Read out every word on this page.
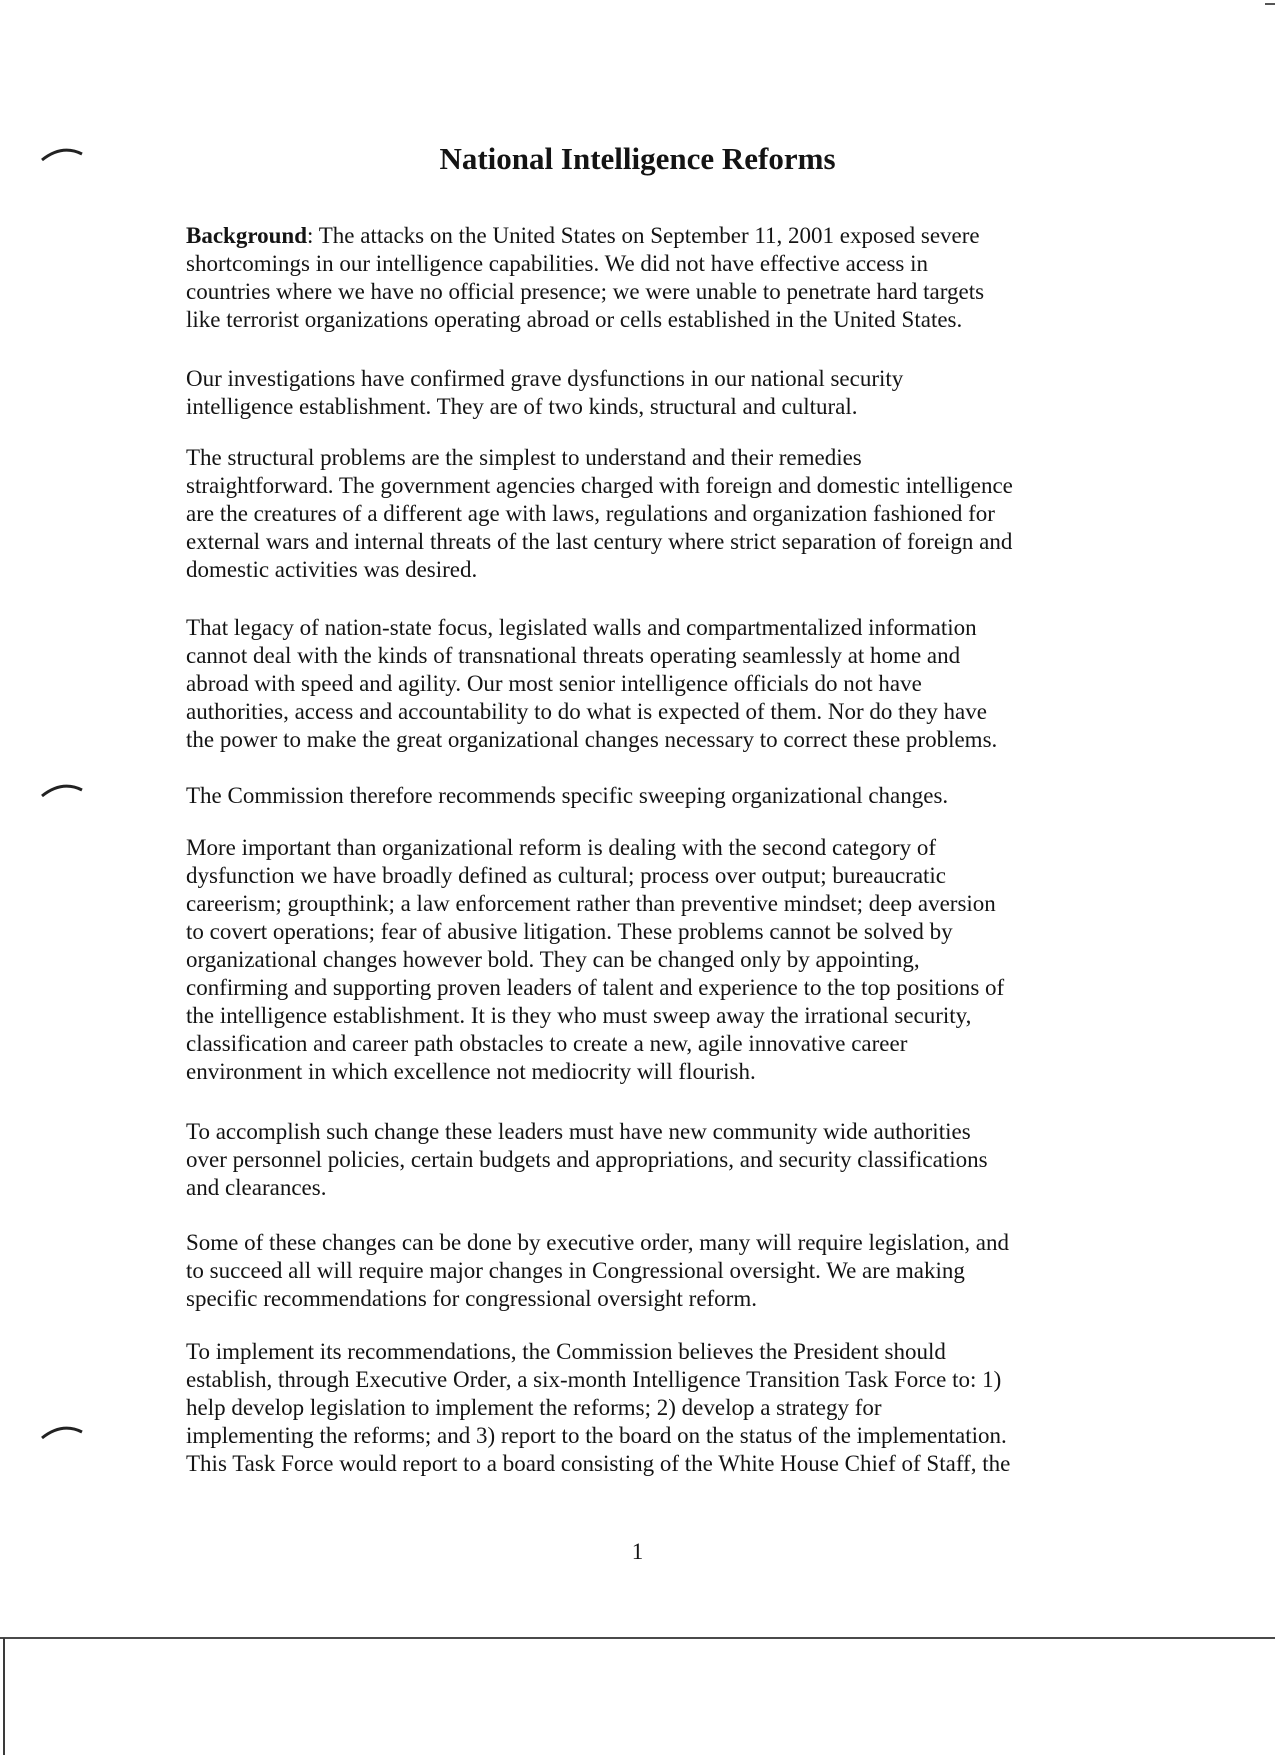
National Intelligence Reforms

Background: The attacks on the United States on September 11, 2001 exposed severe
shortcomings in our intelligence capabilities. We did not have effective access in
countries where we have no official presence; we were unable to penetrate hard targets
like terrorist organizations operating abroad or cells established in the United States.

Our investigations have confirmed grave dysfunctions in our national security
intelligence establishment. They are of two kinds, structural and cultural.

The structural problems are the simplest to understand and their remedies
straightforward. The government agencies charged with foreign and domestic intelligence
are the creatures of a different age with laws, regulations and organization fashioned for
external wars and internal threats of the last century where strict separation of foreign and
domestic activities was desired.

That legacy of nation-state focus, legislated walls and compartmentalized information
cannot deal with the kinds of transnational threats operating seamlessly at home and
abroad with speed and agility. Our most senior intelligence officials do not have
authorities, access and accountability to do what is expected of them. Nor do they have
the power to make the great organizational changes necessary to correct these problems.

The Commission therefore recommends specific sweeping organizational changes.

More important than organizational reform is dealing with the second category of
dysfunction we have broadly defined as cultural; process over output; bureaucratic
careerism; groupthink; a law enforcement rather than preventive mindset; deep aversion
to covert operations; fear of abusive litigation. These problems cannot be solved by
organizational changes however bold. They can be changed only by appointing,
confirming and supporting proven leaders of talent and experience to the top positions of
the intelligence establishment. It is they who must sweep away the irrational security,
classification and career path obstacles to create a new, agile innovative career
environment in which excellence not mediocrity will flourish.

To accomplish such change these leaders must have new community wide authorities
over personnel policies, certain budgets and appropriations, and security classifications
and clearances.

Some of these changes can be done by executive order, many will require legislation, and
to succeed all will require major changes in Congressional oversight. We are making
specific recommendations for congressional oversight reform.

To implement its recommendations, the Commission believes the President should
establish, through Executive Order, a six-month Intelligence Transition Task Force to: 1)
help develop legislation to implement the reforms; 2) develop a strategy for
implementing the reforms; and 3) report to the board on the status of the implementation.
This Task Force would report to a board consisting of the White House Chief of Staff, the

1
